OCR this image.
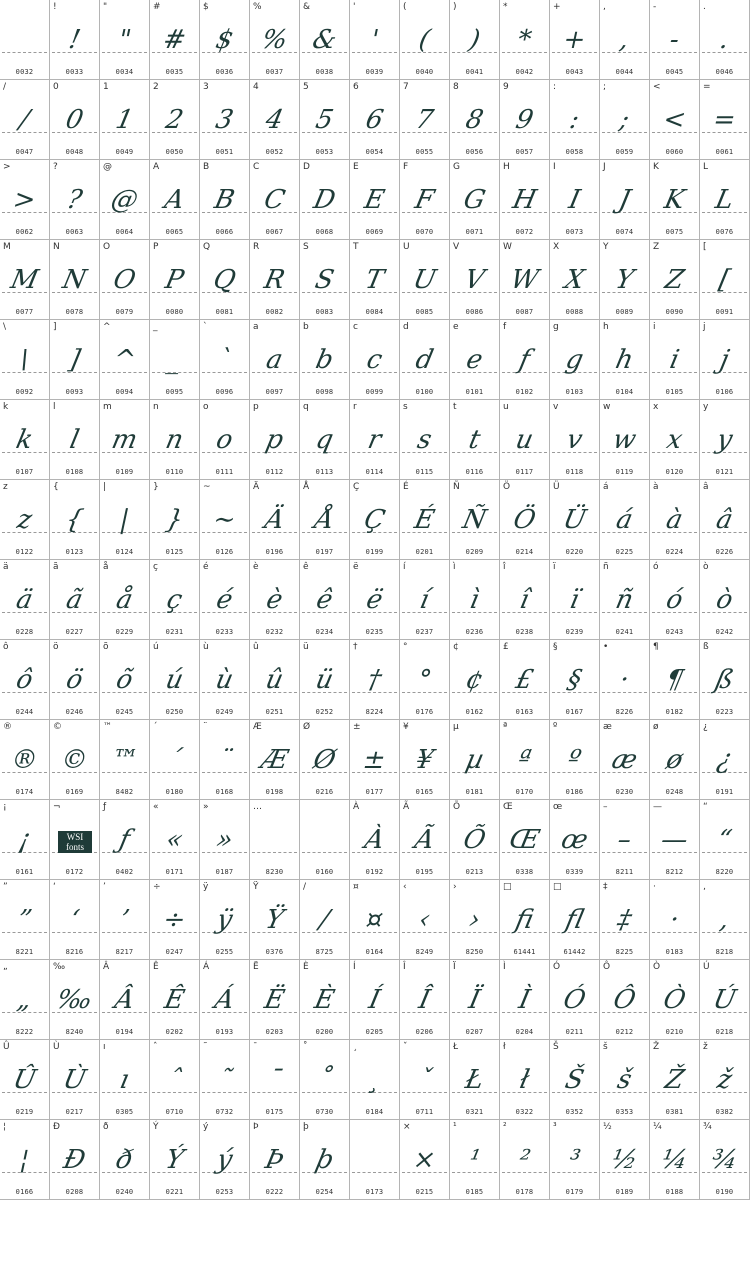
0032
!
!
0033
"
"
0034
#
#
0035
$
$
0036
%
%
0037
&
&
0038
'
'
0039
(
(
0040
)
)
0041
*
*
0042
+
+
0043
,
,
0044
-
-
0045
.
.
0046
/
/
0047
0
0
0048
1
1
0049
2
2
0050
3
3
0051
4
4
0052
5
5
0053
6
6
0054
7
7
0055
8
8
0056
9
9
0057
:
:
0058
;
;
0059
<
<
0060
=
=
0061
>
>
0062
?
?
0063
@
@
0064
A
A
0065
B
B
0066
C
C
0067
D
D
0068
E
E
0069
F
F
0070
G
G
0071
H
H
0072
I
I
0073
J
J
0074
K
K
0075
L
L
0076
M
M
0077
N
N
0078
O
O
0079
P
P
0080
Q
Q
0081
R
R
0082
S
S
0083
T
T
0084
U
U
0085
V
V
0086
W
W
0087
X
X
0088
Y
Y
0089
Z
Z
0090
[
[
0091
\
\
0092
]
]
0093
^
^
0094
_
_
0095
`
`
0096
a
a
0097
b
b
0098
c
c
0099
d
d
0100
e
e
0101
f
f
0102
g
g
0103
h
h
0104
i
i
0105
j
j
0106
k
k
0107
l
l
0108
m
m
0109
n
n
0110
o
o
0111
p
p
0112
q
q
0113
r
r
0114
s
s
0115
t
t
0116
u
u
0117
v
v
0118
w
w
0119
x
x
0120
y
y
0121
z
z
0122
{
{
0123
|
|
0124
}
}
0125
~
~
0126
Ä
Ä
0196
Å
Å
0197
Ç
Ç
0199
É
É
0201
Ñ
Ñ
0209
Ö
Ö
0214
Ü
Ü
0220
á
á
0225
à
à
0224
â
â
0226
ä
ä
0228
ã
ã
0227
å
å
0229
ç
ç
0231
é
é
0233
è
è
0232
ê
ê
0234
ë
ë
0235
í
í
0237
ì
ì
0236
î
î
0238
ï
ï
0239
ñ
ñ
0241
ó
ó
0243
ò
ò
0242
ô
ô
0244
ö
ö
0246
õ
õ
0245
ú
ú
0250
ù
ù
0249
û
û
0251
ü
ü
0252
†
†
8224
°
°
0176
¢
¢
0162
£
£
0163
§
§
0167
•
·
8226
¶
¶
0182
ß
ß
0223
®
®
0174
©
©
0169
™
™
8482
´
´
0180
¨
¨
0168
Æ
Æ
0198
Ø
Ø
0216
±
±
0177
¥
¥
0165
µ
µ
0181
ª
ª
0170
º
º
0186
æ
æ
0230
ø
ø
0248
¿
¿
0191
¡
¡
0161
¬
WSI fonts
0172
ƒ
ƒ
0402
«
«
0171
»
»
0187
…
8230	0160
À
À
0192
Ã
Ã
0195
Õ
Õ
0213
Œ
Œ
0338
œ
œ
0339
–
–
8211
—
—
8212
“
“
8220
”
”
8221
‘
‘
8216
’
’
8217
÷
÷
0247
ÿ
ÿ
0255
Ÿ
Ÿ
0376
/
/
8725
¤
¤
0164
‹
‹
8249
›
›
8250
□
fi
61441
□
fl
61442
‡
‡
8225
·
·
0183
‚
‚
8218
„
„
8222
‰
‰
8240
Â
Â
0194
Ê
Ê
0202
Á
Á
0193
Ë
Ë
0203
È
È
0200
Í
Í
0205
Î
Î
0206
Ï
Ï
0207
Ì
Ì
0204
Ó
Ó
0211
Ô
Ô
0212
Ò
Ò
0210
Ú
Ú
0218
Û
Û
0219
Ù
Ù
0217
ı
ı
0305
ˆ
ˆ
0710
˜
˜
0732
¯
¯
0175
˚
˚
0730
¸
¸
0184
ˇ
ˇ
0711
Ł
Ł
0321
ł
ł
0322
Š
Š
0352
š
š
0353
Ž
Ž
0381
ž
ž
0382
¦
¦
0166
Ð
Ð
0208
ð
ð
0240
Ý
Ý
0221
ý
ý
0253
Þ
Þ
0222
þ
þ
0254	0173
×
×
0215
¹
¹
0185
²
²
0178
³
³
0179
½
½
0189
¼
¼
0188
¾
¾
0190
